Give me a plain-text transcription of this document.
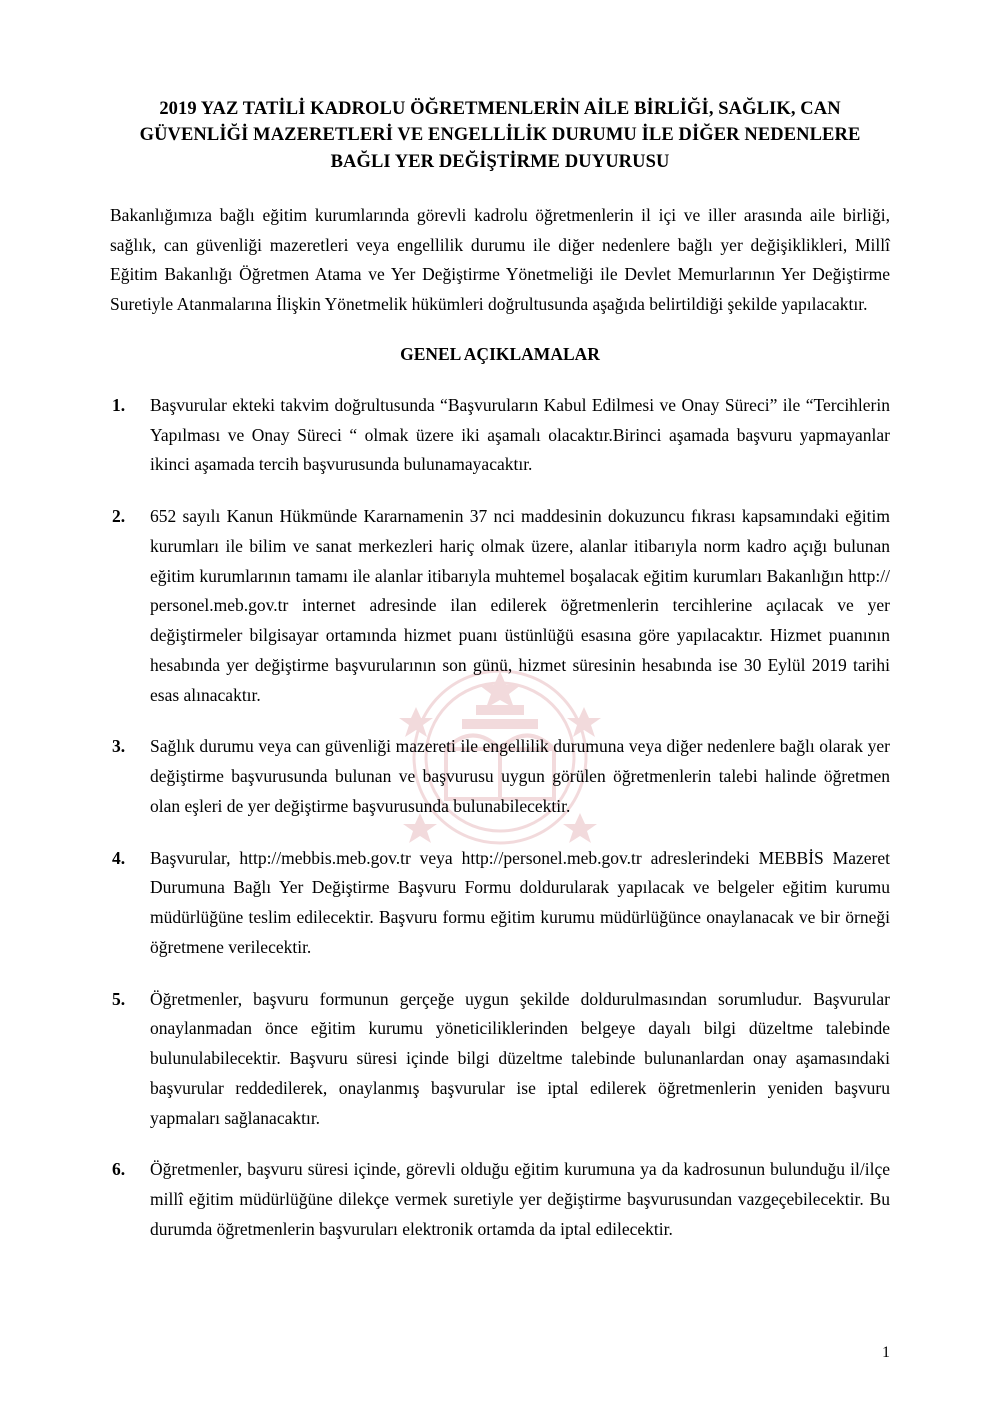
2019 YAZ TATİLİ KADROLU ÖĞRETMENLERİN AİLE BİRLİĞİ, SAĞLIK, CAN
GÜVENLİĞİ MAZERETLERİ VE ENGELLİLİK DURUMU İLE DİĞER NEDENLERE
BAĞLI YER DEĞİŞTİRME DUYURUSU

Bakanlığımıza bağlı eğitim kurumlarında görevli kadrolu öğretmenlerin il içi ve iller arasında aile birliği, sağlık, can güvenliği mazeretleri veya engellilik durumu ile diğer nedenlere bağlı yer değişiklikleri, Millî Eğitim Bakanlığı Öğretmen Atama ve Yer Değiştirme Yönetmeliği ile Devlet Memurlarının Yer Değiştirme Suretiyle Atanmalarına İlişkin Yönetmelik hükümleri doğrultusunda aşağıda belirtildiği şekilde yapılacaktır.

GENEL AÇIKLAMALAR
1.	Başvurular ekteki takvim doğrultusunda “Başvuruların Kabul Edilmesi ve Onay Süreci” ile “Tercihlerin Yapılması ve Onay Süreci “ olmak üzere iki aşamalı olacaktır.Birinci aşamada başvuru yapmayanlar ikinci aşamada tercih başvurusunda bulunamayacaktır.
2.	652 sayılı Kanun Hükmünde Kararnamenin 37 nci maddesinin dokuzuncu fıkrası kapsamındaki eğitim kurumları ile bilim ve sanat merkezleri hariç olmak üzere, alanlar itibarıyla norm kadro açığı bulunan eğitim kurumlarının tamamı ile alanlar itibarıyla muhtemel boşalacak eğitim kurumları Bakanlığın http:// personel.meb.gov.tr internet adresinde ilan edilerek öğretmenlerin tercihlerine açılacak ve yer değiştirmeler bilgisayar ortamında hizmet puanı üstünlüğü esasına göre yapılacaktır. Hizmet puanının hesabında yer değiştirme başvurularının son günü, hizmet süresinin hesabında ise 30 Eylül 2019 tarihi esas alınacaktır.
3.	Sağlık durumu veya can güvenliği mazereti ile engellilik durumuna veya diğer nedenlere bağlı olarak yer değiştirme başvurusunda bulunan ve başvurusu uygun görülen öğretmenlerin talebi halinde öğretmen olan eşleri de yer değiştirme başvurusunda bulunabilecektir.
4.	Başvurular, http://mebbis.meb.gov.tr veya http://personel.meb.gov.tr adreslerindeki MEBBİS Mazeret Durumuna Bağlı Yer Değiştirme Başvuru Formu doldurularak yapılacak ve belgeler eğitim kurumu müdürlüğüne teslim edilecektir. Başvuru formu eğitim kurumu müdürlüğünce onaylanacak ve bir örneği öğretmene verilecektir.
5.	Öğretmenler, başvuru formunun gerçeğe uygun şekilde doldurulmasından sorumludur. Başvurular onaylanmadan önce eğitim kurumu yöneticiliklerinden belgeye dayalı bilgi düzeltme talebinde bulunulabilecektir. Başvuru süresi içinde bilgi düzeltme talebinde bulunanlardan onay aşamasındaki başvurular reddedilerek, onaylanmış başvurular ise iptal edilerek öğretmenlerin yeniden başvuru yapmaları sağlanacaktır.
6.	Öğretmenler, başvuru süresi içinde, görevli olduğu eğitim kurumuna ya da kadrosunun bulunduğu il/ilçe millî eğitim müdürlüğüne dilekçe vermek suretiyle yer değiştirme başvurusundan vazgeçebilecektir. Bu durumda öğretmenlerin başvuruları elektronik ortamda da iptal edilecektir.
1
